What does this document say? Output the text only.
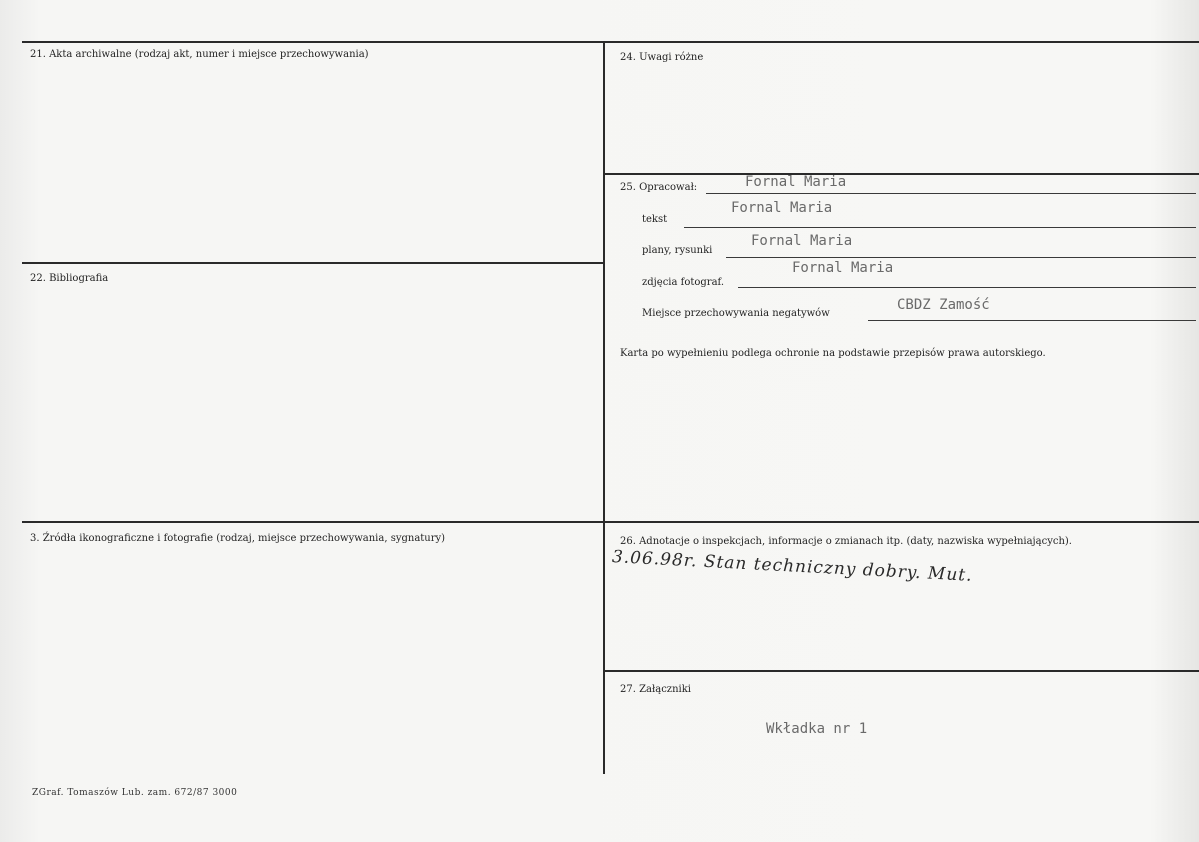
21. Akta archiwalne (rodzaj akt, numer i miejsce przechowywania)
22. Bibliografia
3. Źródła ikonograficzne i fotografie (rodzaj, miejsce przechowywania, sygnatury)
24. Uwagi różne
25. Opracował:	Fornal Maria
tekst
Fornal Maria
plany, rysunki
Fornal Maria
zdjęcia fotograf.
Fornal Maria
Miejsce przechowywania negatywów
CBDZ Zamość
Karta po wypełnieniu podlega ochronie na podstawie przepisów prawa autorskiego.
26. Adnotacje o inspekcjach, informacje o zmianach itp. (daty, nazwiska wypełniających).
3.06.98r. Stan techniczny dobry. Mut.
27. Załączniki
Wkładka nr 1
ZGraf. Tomaszów Lub. zam. 672/87 3000
